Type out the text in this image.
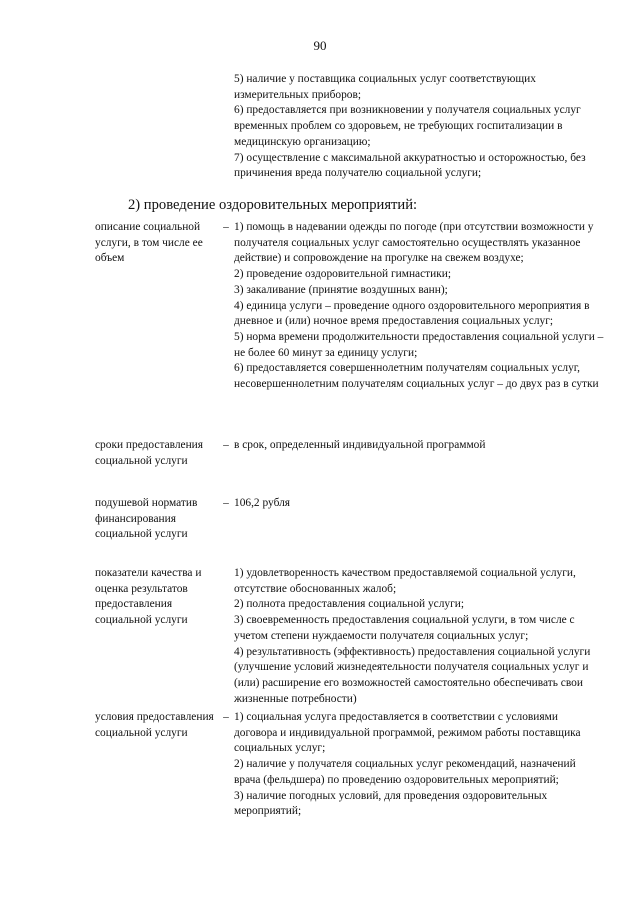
90

5) наличие у поставщика социальных услуг соответствующих измерительных приборов;

6) предоставляется при возникновении у получателя социальных услуг временных проблем со здоровьем, не требующих госпитализации в медицинскую организацию;

7) осуществление с максимальной аккуратностью и осторожностью, без причинения вреда получателю социальной услуги;

2) проведение оздоровительных мероприятий:
описание социальной услуги, в том числе ее объем
– 1) помощь в надевании одежды по погоде (при отсутствии возможности у получателя социальных услуг самостоятельно осуществлять указанное действие) и сопровождение на прогулке на свежем воздухе;

2) проведение оздоровительной гимнастики;

3) закаливание (принятие воздушных ванн);

4) единица услуги – проведение одного оздоровительного мероприятия в дневное и (или) ночное время предоставления социальных услуг;

5) норма времени продолжительности предоставления социальной услуги – не более 60 минут за единицу услуги;

6) предоставляется совершеннолетним получателям социальных услуг, несовершеннолетним получателям социальных услуг – до двух раз в сутки

сроки предоставления социальной услуги
– в срок, определенный индивидуальной программой

подушевой норматив финансирования социальной услуги
– 106,2 рубля

показатели качества и оценка результатов предоставления социальной услуги

1) удовлетворенность качеством предоставляемой социальной услуги, отсутствие обоснованных жалоб;

2) полнота предоставления социальной услуги;

3) своевременность предоставления социальной услуги, в том числе с учетом степени нуждаемости получателя социальных услуг;

4) результативность (эффективность) предоставления социальной услуги (улучшение условий жизнедеятельности получателя социальных услуг и (или) расширение его возможностей самостоятельно обеспечивать свои жизненные потребности)

условия предоставления социальной услуги
– 1) социальная услуга предоставляется в соответствии с условиями договора и индивидуальной программой, режимом работы поставщика социальных услуг;

2) наличие у получателя социальных услуг рекомендаций, назначений врача (фельдшера) по проведению оздоровительных мероприятий;

3) наличие погодных условий, для проведения оздоровительных мероприятий;
